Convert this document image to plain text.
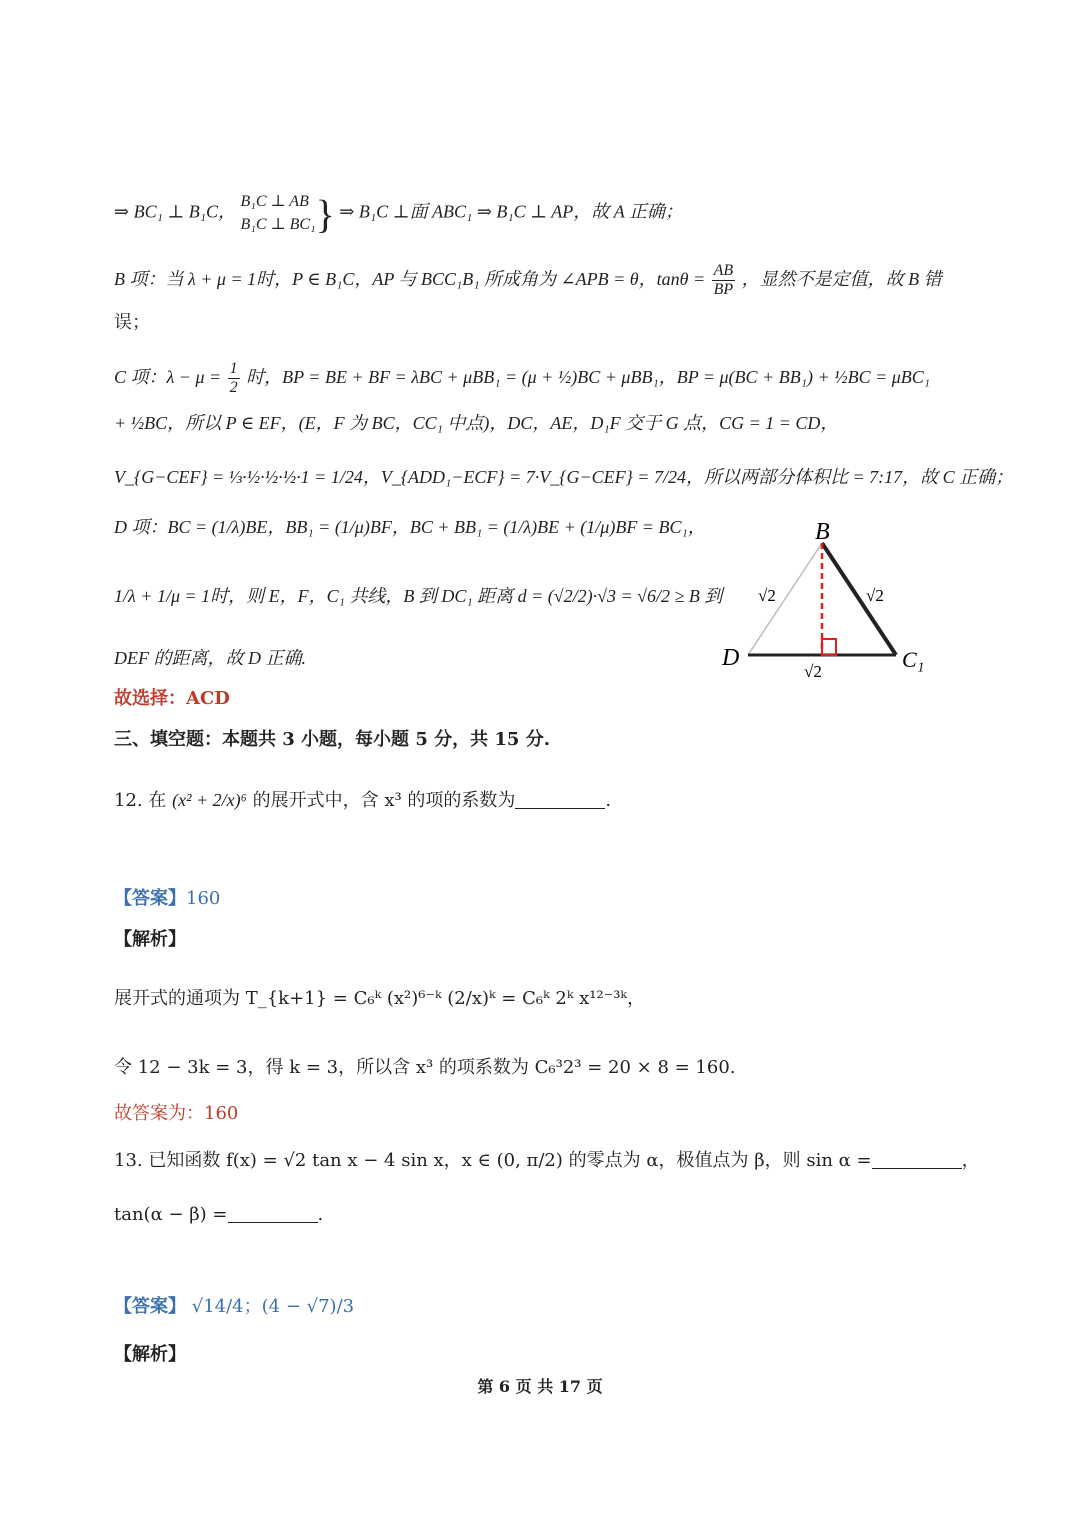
⇒ BC₁ ⊥ B₁C， B₁C ⊥ AB
B₁C ⊥ BC₁ } ⇒ B₁C ⊥面 ABC₁ ⇒ B₁C ⊥ AP，故 A 正确；
B 项：当 λ + μ = 1时，P ∈ B₁C，AP 与 BCC₁B₁ 所成角为 ∠APB = θ，$\tan\theta = \frac{AB}{BP}$ ，显然不是定值，故 B 错
误；
C 项：$\lambda - \mu = \frac{1}{2}$ 时，BP = BE + BF = λBC + μBB₁ = (μ + ½)BC + μBB₁，BP = μ(BC + BB₁) + ½BC = μBC₁
+ ½BC，所以 P ∈ EF，(E，F 为 BC，CC₁ 中点)，DC，AE，D₁F 交于 G 点，CG = 1 = CD，
V_{G−CEF} = ⅓·½·½·½·1 = 1/24，V_{ADD₁−ECF} = 7·V_{G−CEF} = 7/24，所以两部分体积比 = 7:17，故 C 正确；
D 项：BC = (1/λ)BE，BB₁ = (1/μ)BF，BC + BB₁ = (1/λ)BE + (1/μ)BF = BC₁，
1/λ + 1/μ = 1时，则 E，F，C₁ 共线，B 到 DC₁ 距离 d = (√2/2)·√3 = √6/2 ≥ B 到
DEF 的距离，故 D 正确.
B
D	C₁
√2	√2
√2
故选择：ACD
三、填空题：本题共 3 小题，每小题 5 分，共 15 分.
12. 在 (x² + 2/x)⁶ 的展开式中，含 x³ 的项的系数为	.
【答案】160
【解析】
展开式的通项为 T_{k+1} = C₆ᵏ (x²)⁶⁻ᵏ (2/x)ᵏ = C₆ᵏ 2ᵏ x¹²⁻³ᵏ，
令 12 − 3k = 3，得 k = 3，所以含 x³ 的项系数为 C₆³2³ = 20 × 8 = 160.
故答案为：160
13. 已知函数 f(x) = √2 tan x − 4 sin x，x ∈ (0, π/2) 的零点为 α，极值点为 β，则 sin α =	，
tan(α − β) =	.
【答案】 √14/4；(4 − √7)/3
【解析】
第 6 页 共 17 页
